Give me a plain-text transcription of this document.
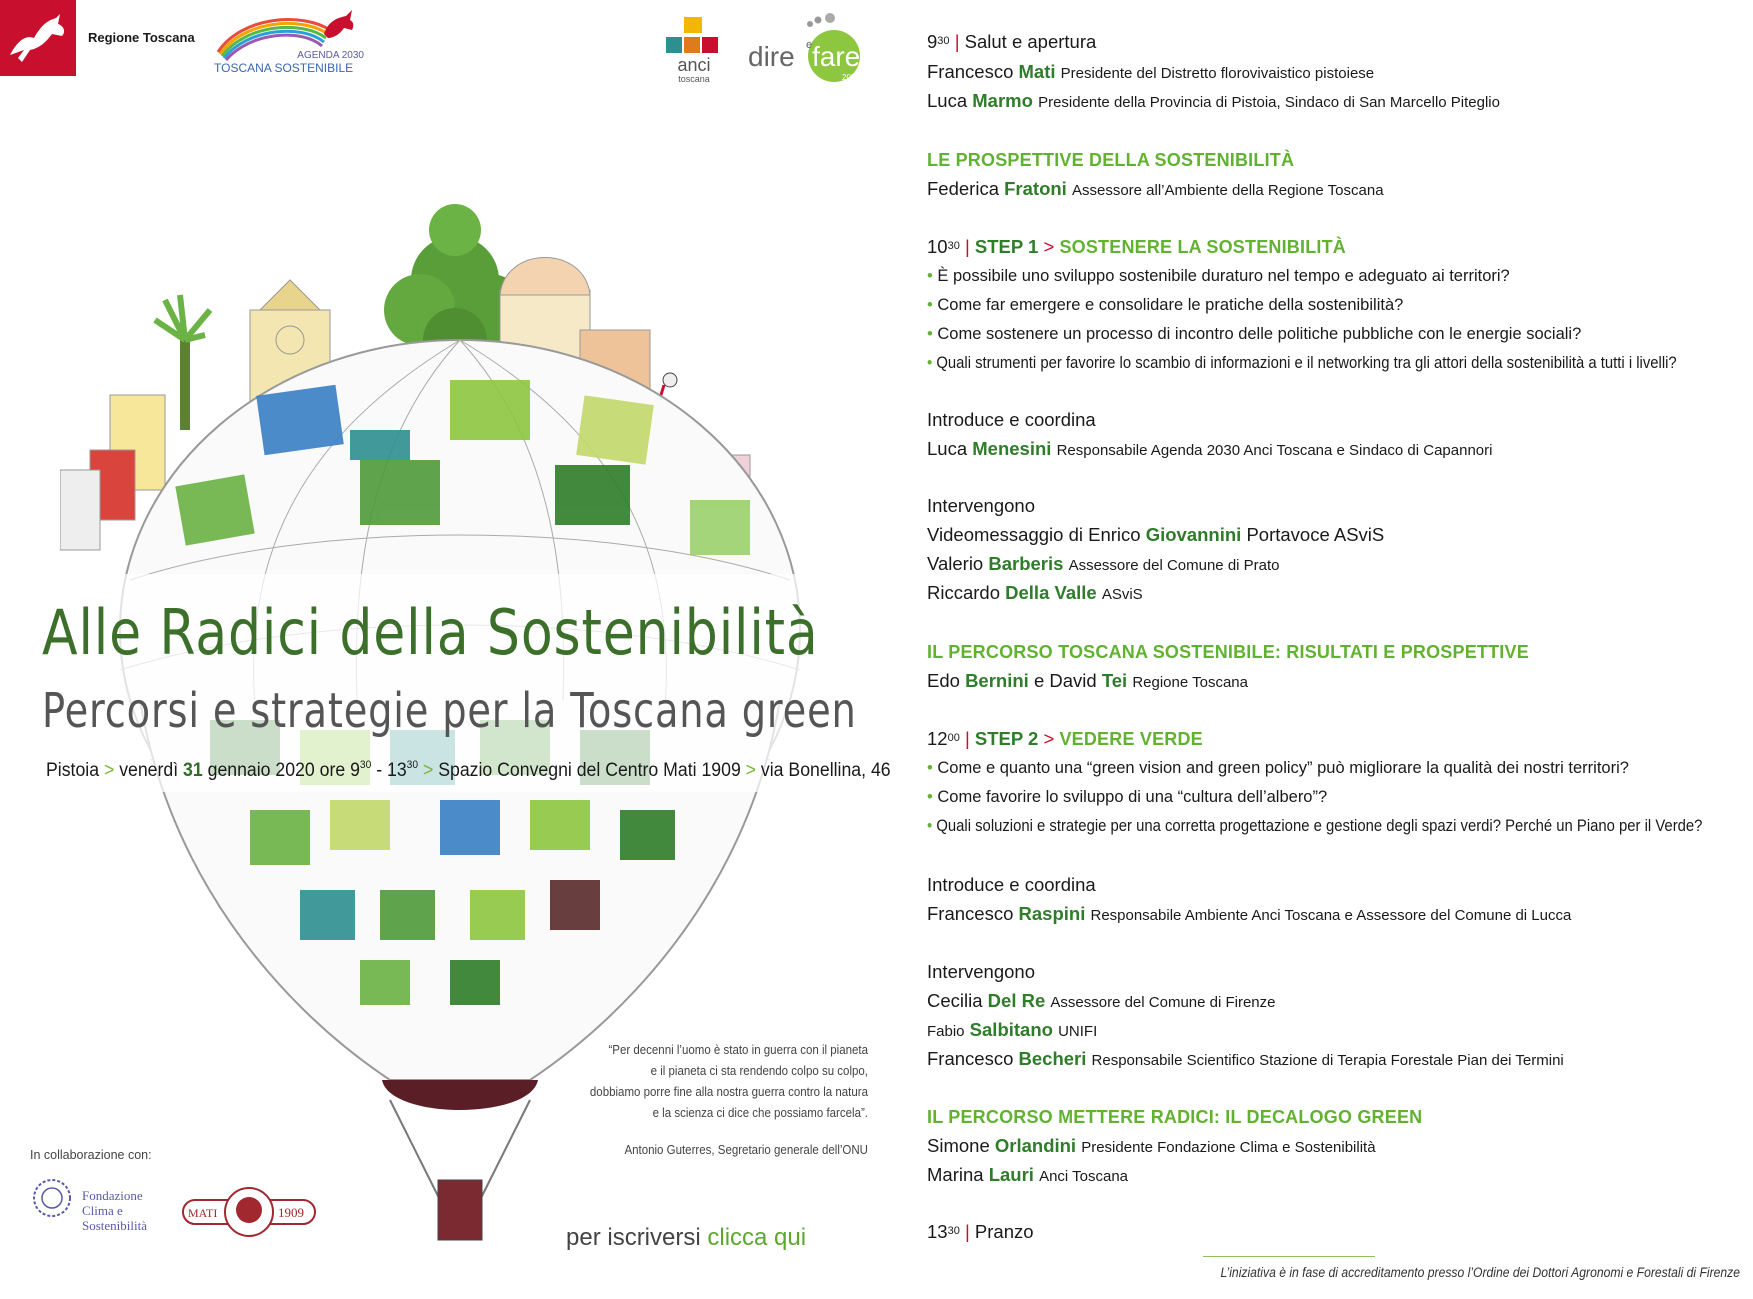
Regione Toscana
AGENDA 2030
TOSCANA SOSTENIBILE	anci
toscana
dire e fare
2020
Alle Radici della Sostenibilità
Percorsi e strategie per la Toscana green
Pistoia > venerdì 31 gennaio 2020 ore $9^{30} - 13^{30}$ > Spazio Convegni del Centro Mati 1909 > via Bonellina, 46
“Per decenni l’uomo è stato in guerra con il pianeta
e il pianeta ci sta rendendo colpo su colpo,
dobbiamo porre fine alla nostra guerra contro la natura
e la scienza ci dice che possiamo farcela”.
Antonio Guterres, Segretario generale dell’ONU
In collaborazione con:
Fondazione
Clima e
Sostenibilità
MATI	1909
per iscriversi clicca qui
$9^{30}$ | Salut e apertura
Francesco Mati Presidente del Distretto florovivaistico pistoiese
Luca Marmo Presidente della Provincia di Pistoia, Sindaco di San Marcello Piteglio
LE PROSPETTIVE DELLA SOSTENIBILITÀ
Federica Fratoni Assessore all’Ambiente della Regione Toscana
$10^{30}$ | STEP 1 > SOSTENERE LA SOSTENIBILITÀ
• È possibile uno sviluppo sostenibile duraturo nel tempo e adeguato ai territori?
• Come far emergere e consolidare le pratiche della sostenibilità?
• Come sostenere un processo di incontro delle politiche pubbliche con le energie sociali?
• Quali strumenti per favorire lo scambio di informazioni e il networking tra gli attori della sostenibilità a tutti i livelli?
Introduce e coordina
Luca Menesini Responsabile Agenda 2030 Anci Toscana e Sindaco di Capannori
Intervengono
Videomessaggio di Enrico Giovannini Portavoce ASviS
Valerio Barberis Assessore del Comune di Prato
Riccardo Della Valle ASviS
IL PERCORSO TOSCANA SOSTENIBILE: RISULTATI E PROSPETTIVE
Edo Bernini e David Tei Regione Toscana
$12^{00}$ | STEP 2 > VEDERE VERDE
• Come e quanto una “green vision and green policy” può migliorare la qualità dei nostri territori?
• Come favorire lo sviluppo di una “cultura dell’albero”?
• Quali soluzioni e strategie per una corretta progettazione e gestione degli spazi verdi? Perché un Piano per il Verde?
Introduce e coordina
Francesco Raspini Responsabile Ambiente Anci Toscana e Assessore del Comune di Lucca
Intervengono
Cecilia Del Re Assessore del Comune di Firenze
Fabio Salbitano UNIFI
Francesco Becheri Responsabile Scientifico Stazione di Terapia Forestale Pian dei Termini
IL PERCORSO METTERE RADICI: IL DECALOGO GREEN
Simone Orlandini Presidente Fondazione Clima e Sostenibilità
Marina Lauri Anci Toscana
$13^{30}$ | Pranzo
L’iniziativa è in fase di accreditamento presso l’Ordine dei Dottori Agronomi e Forestali di Firenze
